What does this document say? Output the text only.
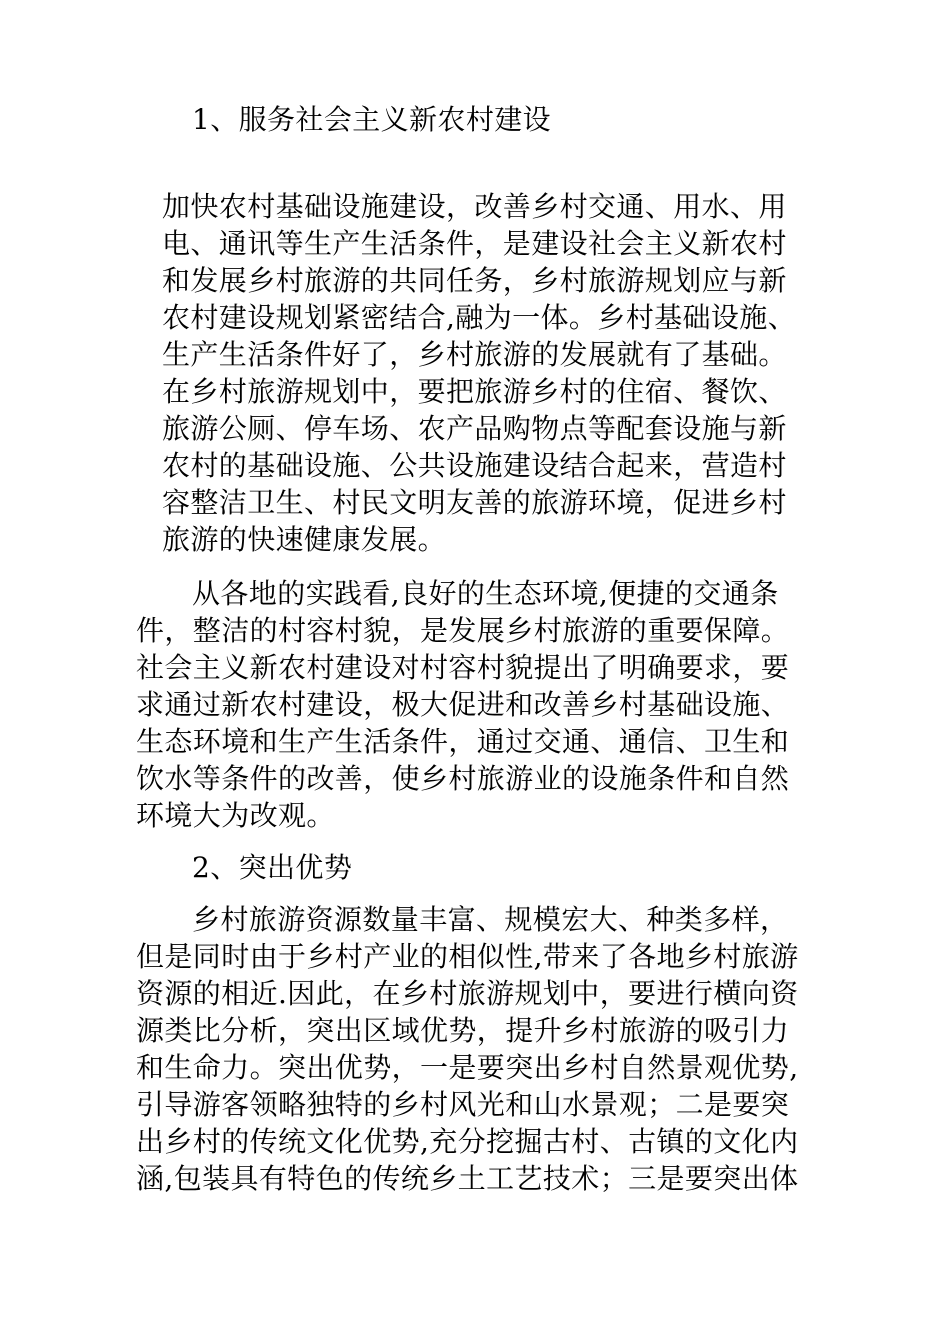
1、服务社会主义新农村建设

加快农村基础设施建设，改善乡村交通、用水、用

电、通讯等生产生活条件，是建设社会主义新农村

和发展乡村旅游的共同任务，乡村旅游规划应与新

农村建设规划紧密结合,融为一体。乡村基础设施、

生产生活条件好了，乡村旅游的发展就有了基础。

在乡村旅游规划中，要把旅游乡村的住宿、餐饮、

旅游公厕、停车场、农产品购物点等配套设施与新

农村的基础设施、公共设施建设结合起来，营造村

容整洁卫生、村民文明友善的旅游环境，促进乡村

旅游的快速健康发展。

从各地的实践看,良好的生态环境,便捷的交通条

件，整洁的村容村貌，是发展乡村旅游的重要保障。

社会主义新农村建设对村容村貌提出了明确要求，要

求通过新农村建设，极大促进和改善乡村基础设施、

生态环境和生产生活条件，通过交通、通信、卫生和

饮水等条件的改善，使乡村旅游业的设施条件和自然

环境大为改观。

2、突出优势

乡村旅游资源数量丰富、规模宏大、种类多样，

但是同时由于乡村产业的相似性,带来了各地乡村旅游

资源的相近.因此，在乡村旅游规划中，要进行横向资

源类比分析，突出区域优势，提升乡村旅游的吸引力

和生命力。突出优势，一是要突出乡村自然景观优势,

引导游客领略独特的乡村风光和山水景观；二是要突

出乡村的传统文化优势,充分挖掘古村、古镇的文化内

涵,包装具有特色的传统乡土工艺技术；三是要突出体
